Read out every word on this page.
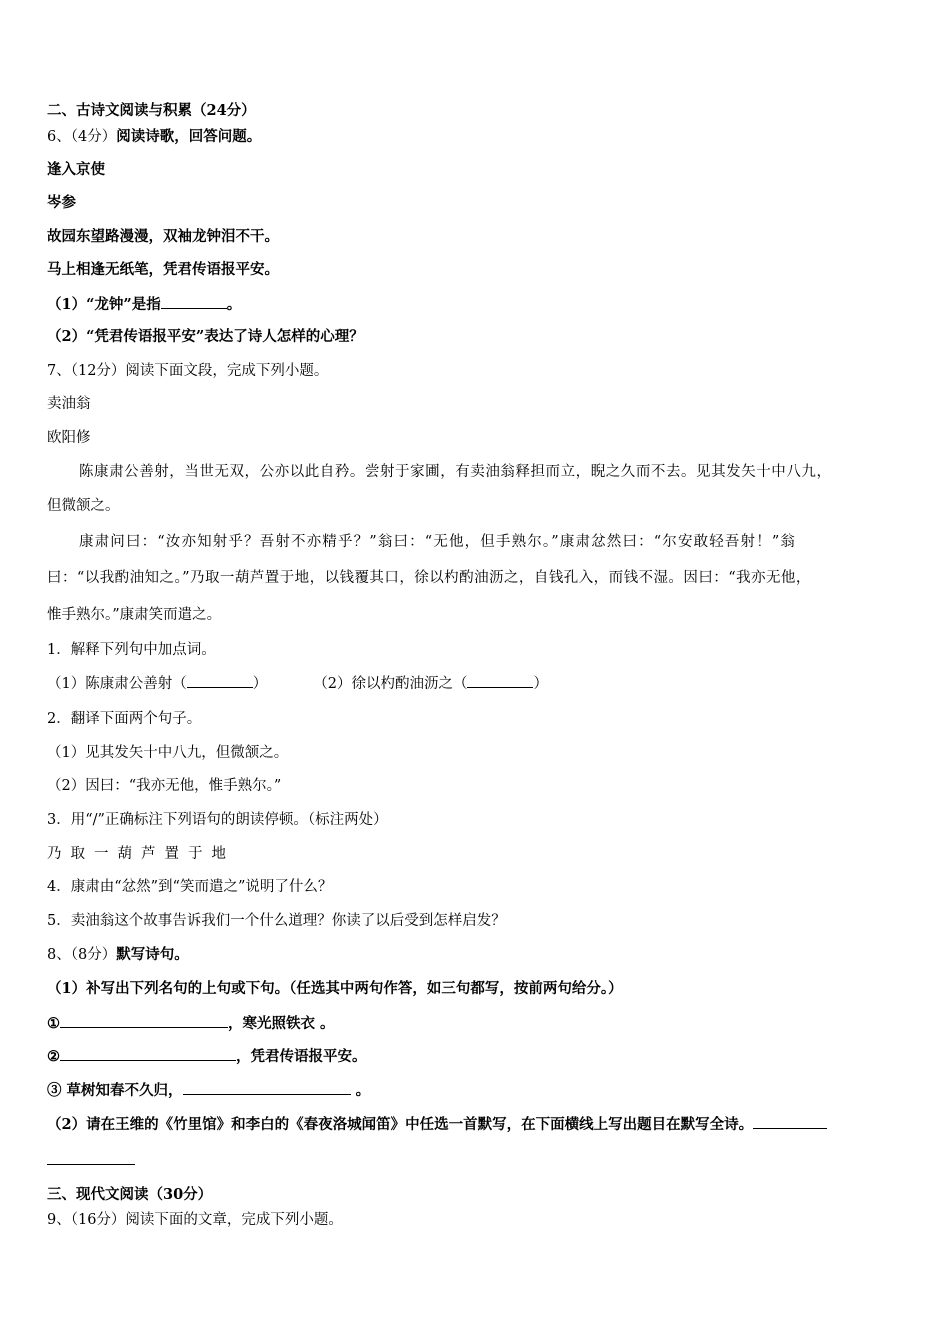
二、古诗文阅读与积累（24分）
6、（4分）阅读诗歌，回答问题。
逢入京使
岑参
故园东望路漫漫，双袖龙钟泪不干。
马上相逢无纸笔，凭君传语报平安。
（1）“龙钟”是指	。
（2）“凭君传语报平安”表达了诗人怎样的心理？
7、（12分）阅读下面文段，完成下列小题。
卖油翁
欧阳修
陈康肃公善射，当世无双，公亦以此自矜。尝射于家圃，有卖油翁释担而立，睨之久而不去。见其发矢十中八九，
但微颔之。
康肃问曰：“汝亦知射乎？吾射不亦精乎？”翁曰：“无他，但手熟尔。”康肃忿然曰：“尔安敢轻吾射！”翁
曰：“以我酌油知之。”乃取一葫芦置于地，以钱覆其口，徐以杓酌油沥之，自钱孔入，而钱不湿。因曰：“我亦无他，
惟手熟尔。”康肃笑而遣之。
1．解释下列句中加点词。
（1）陈康肃公善射（	）	（2）徐以杓酌油沥之（	）
2．翻译下面两个句子。
（1）见其发矢十中八九，但微颔之。
（2）因曰：“我亦无他，惟手熟尔。”
3．用“/”正确标注下列语句的朗读停顿。（标注两处）
乃取一葫芦置于地
4．康肃由“忿然”到“笑而遣之”说明了什么？
5．卖油翁这个故事告诉我们一个什么道理？你读了以后受到怎样启发？
8、（8分）默写诗句。
（1）补写出下列名句的上句或下句。（任选其中两句作答，如三句都写，按前两句给分。）
①	，寒光照铁衣 。
②	，凭君传语报平安。
③ 草树知春不久归，	。
（2）请在王维的《竹里馆》和李白的《春夜洛城闻笛》中任选一首默写，在下面横线上写出题目在默写全诗。
三、现代文阅读（30分）
9、（16分）阅读下面的文章，完成下列小题。
